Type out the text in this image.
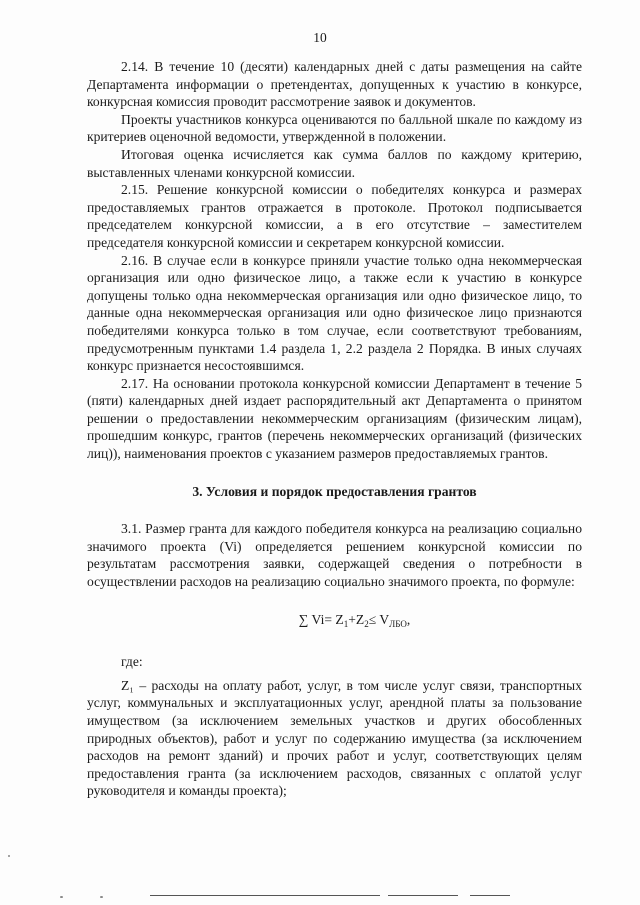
10

2.14. В течение 10 (десяти) календарных дней с даты размещения на сайте Департамента информации о претендентах, допущенных к участию в конкурсе, конкурсная комиссия проводит рассмотрение заявок и документов.

Проекты участников конкурса оцениваются по балльной шкале по каждому из критериев оценочной ведомости, утвержденной в положении.

Итоговая оценка исчисляется как сумма баллов по каждому критерию, выставленных членами конкурсной комиссии.

2.15. Решение конкурсной комиссии о победителях конкурса и размерах предоставляемых грантов отражается в протоколе. Протокол подписывается председателем конкурсной комиссии, а в его отсутствие – заместителем председателя конкурсной комиссии и секретарем конкурсной комиссии.

2.16. В случае если в конкурсе приняли участие только одна некоммерческая организация или одно физическое лицо, а также если к участию в конкурсе допущены только одна некоммерческая организация или одно физическое лицо, то данные одна некоммерческая организация или одно физическое лицо признаются победителями конкурса только в том случае, если соответствуют требованиям, предусмотренным пунктами 1.4 раздела 1, 2.2 раздела 2 Порядка. В иных случаях конкурс признается несостоявшимся.

2.17. На основании протокола конкурсной комиссии Департамент в течение 5 (пяти) календарных дней издает распорядительный акт Департамента о принятом решении о предоставлении некоммерческим организациям (физическим лицам), прошедшим конкурс, грантов (перечень некоммерческих организаций (физических лиц)), наименования проектов с указанием размеров предоставляемых грантов.

3. Условия и порядок предоставления грантов

3.1. Размер гранта для каждого победителя конкурса на реализацию социально значимого проекта (Vi) определяется решением конкурсной комиссии по результатам рассмотрения заявки, содержащей сведения о потребности в осуществлении расходов на реализацию социально значимого проекта, по формуле:

∑ $Vi= Z_1+Z_2\le V_{ЛБО}$,

где:

Z₁ – расходы на оплату работ, услуг, в том числе услуг связи, транспортных услуг, коммунальных и эксплуатационных услуг, арендной платы за пользование имуществом (за исключением земельных участков и других обособленных природных объектов), работ и услуг по содержанию имущества (за исключением расходов на ремонт зданий) и прочих работ и услуг, соответствующих целям предоставления гранта (за исключением расходов, связанных с оплатой услуг руководителя и команды проекта);
